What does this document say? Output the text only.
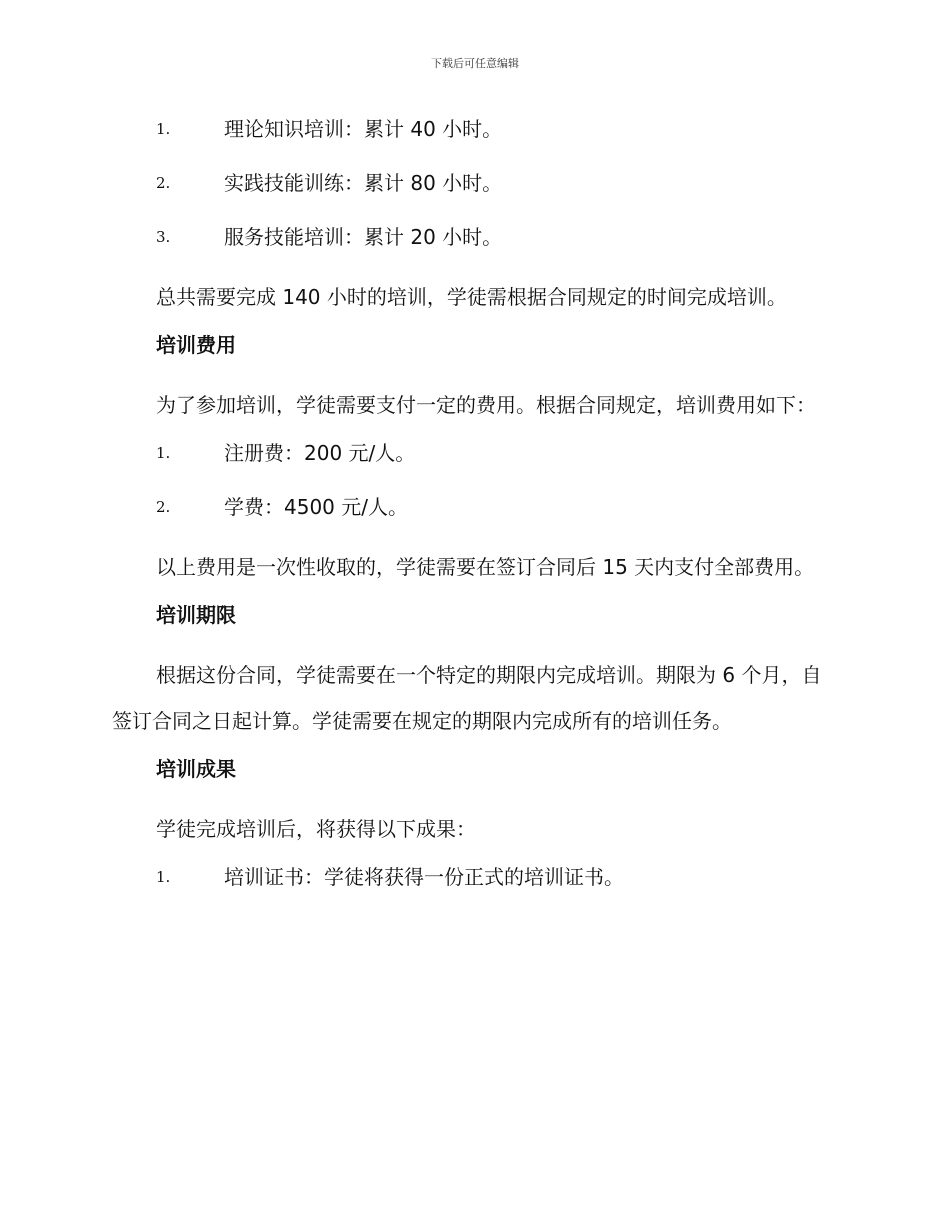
下载后可任意编辑
1.	理论知识培训：累计 40 小时。
2.	实践技能训练：累计 80 小时。
3.	服务技能培训：累计 20 小时。

总共需要完成 140 小时的培训，学徒需根据合同规定的时间完成培训。

培训费用

为了参加培训，学徒需要支付一定的费用。根据合同规定，培训费用如下：

1.	注册费：200 元/人。
2.	学费：4500 元/人。

以上费用是一次性收取的，学徒需要在签订合同后 15 天内支付全部费用。

培训期限

根据这份合同，学徒需要在一个特定的期限内完成培训。期限为 6 个月，自签订合同之日起计算。学徒需要在规定的期限内完成所有的培训任务。

培训成果

学徒完成培训后，将获得以下成果：

1.	培训证书：学徒将获得一份正式的培训证书。
